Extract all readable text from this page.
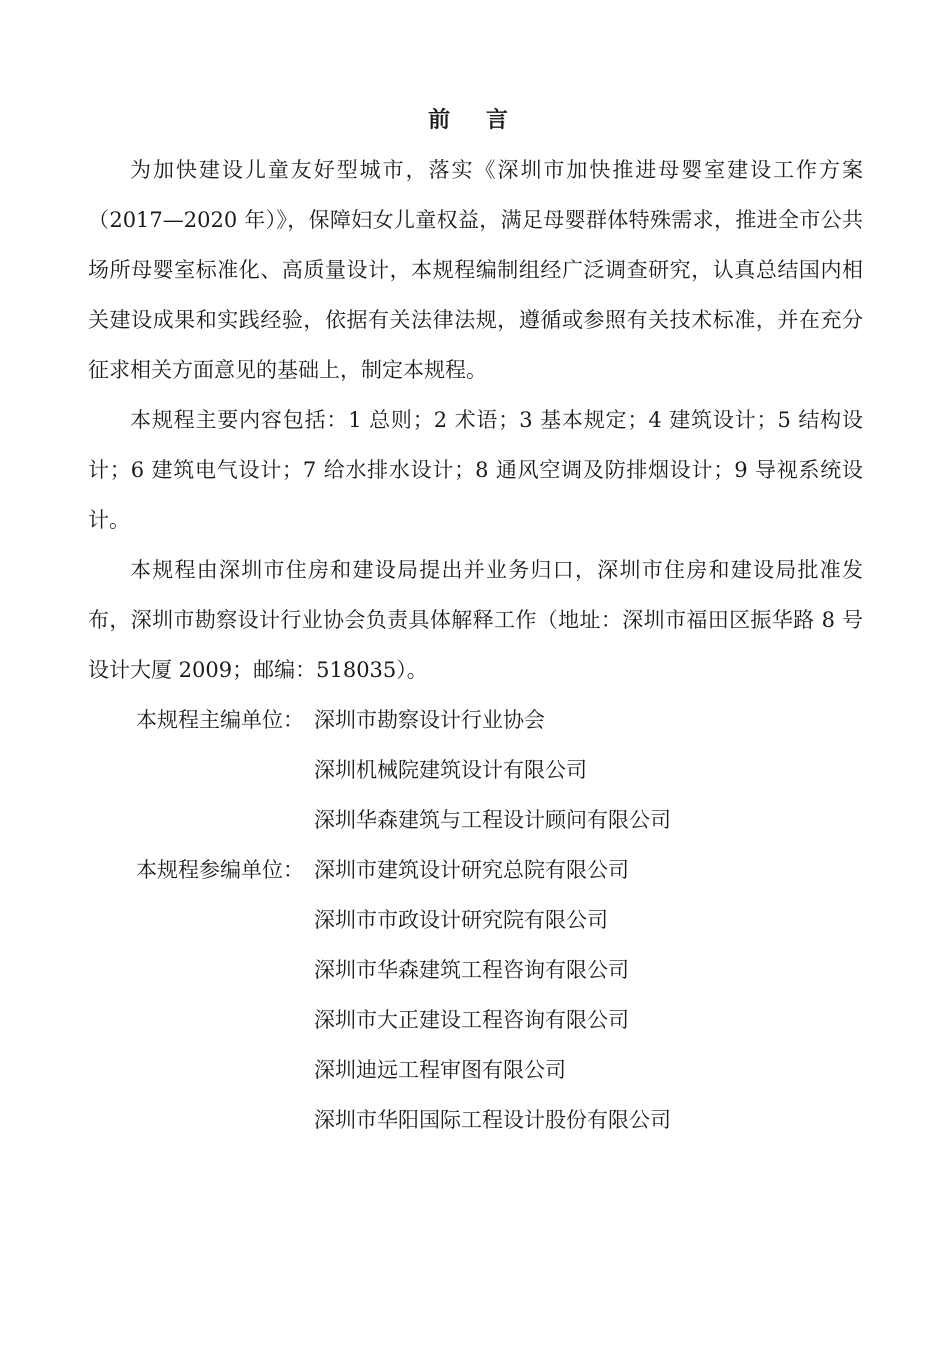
前 言

为加快建设儿童友好型城市，落实《深圳市加快推进母婴室建设工作方案（2017—2020 年）》，保障妇女儿童权益，满足母婴群体特殊需求，推进全市公共场所母婴室标准化、高质量设计，本规程编制组经广泛调查研究，认真总结国内相关建设成果和实践经验，依据有关法律法规，遵循或参照有关技术标准，并在充分征求相关方面意见的基础上，制定本规程。

本规程主要内容包括：1 总则；2 术语；3 基本规定；4 建筑设计；5 结构设计；6 建筑电气设计；7 给水排水设计；8 通风空调及防排烟设计；9 导视系统设计。

本规程由深圳市住房和建设局提出并业务归口，深圳市住房和建设局批准发布，深圳市勘察设计行业协会负责具体解释工作（地址：深圳市福田区振华路 8 号设计大厦 2009；邮编：518035）。

本规程主编单位： 深圳市勘察设计行业协会
深圳机械院建筑设计有限公司
深圳华森建筑与工程设计顾问有限公司
本规程参编单位： 深圳市建筑设计研究总院有限公司
深圳市市政设计研究院有限公司
深圳市华森建筑工程咨询有限公司
深圳市大正建设工程咨询有限公司
深圳迪远工程审图有限公司
深圳市华阳国际工程设计股份有限公司
